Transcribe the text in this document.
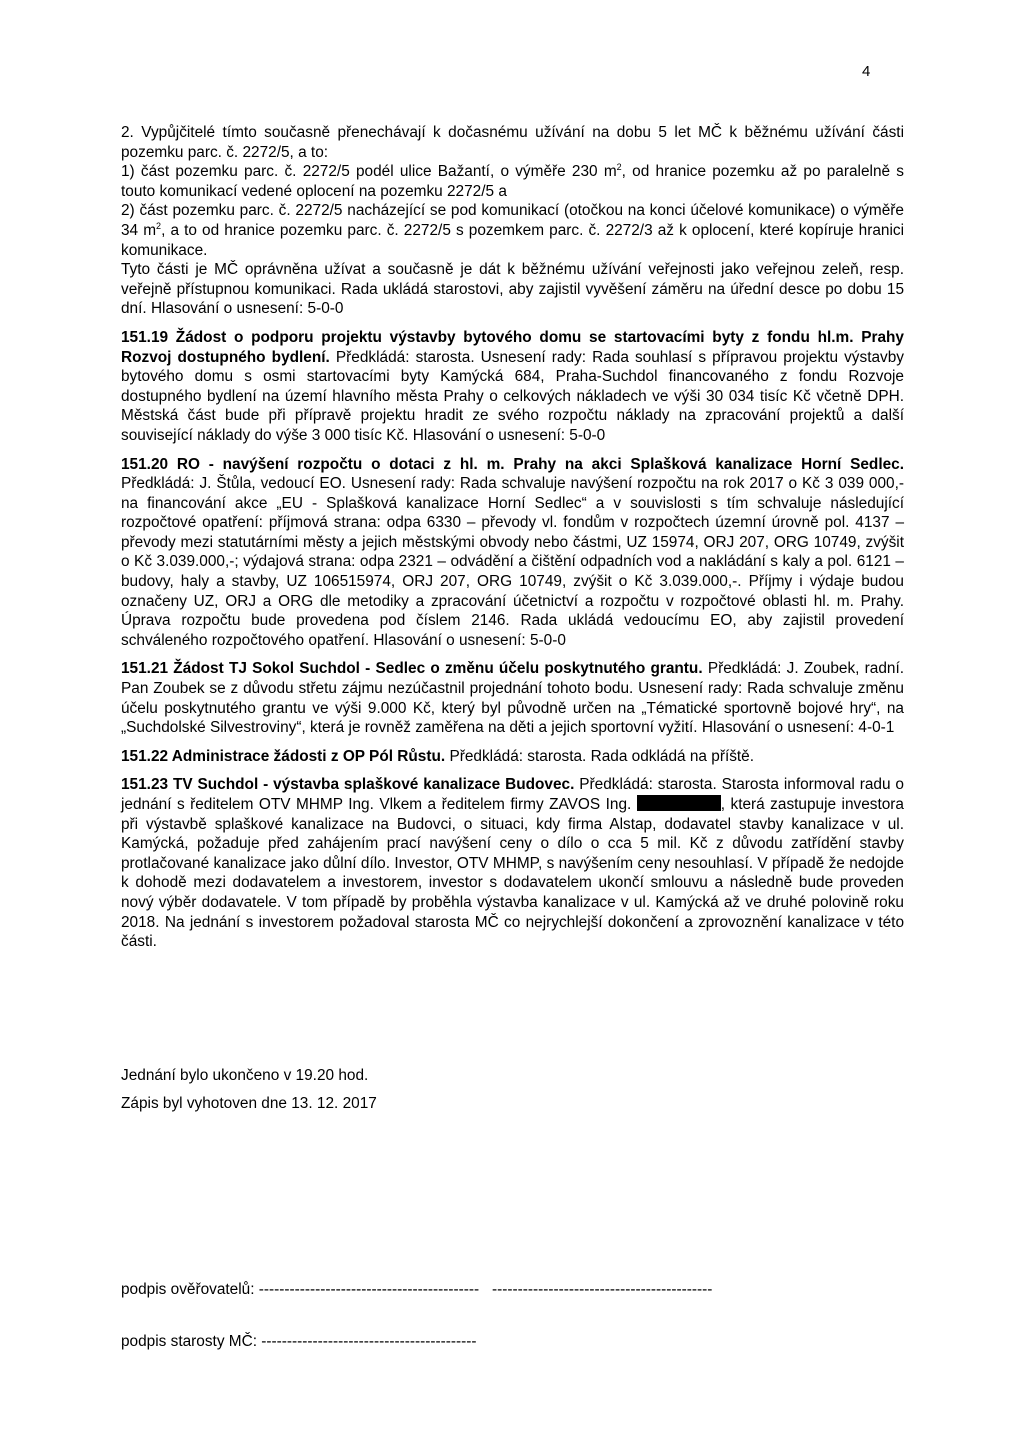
4

2. Vypůjčitelé tímto současně přenechávají k dočasnému užívání na dobu 5 let MČ k běžnému užívání části pozemku parc. č. 2272/5, a to:

1) část pozemku parc. č. 2272/5 podél ulice Bažantí, o výměře 230 $m^2$, od hranice pozemku až po paralelně s touto komunikací vedené oplocení na pozemku 2272/5 a

2) část pozemku parc. č. 2272/5 nacházející se pod komunikací (otočkou na konci účelové komunikace) o výměře 34 $m^2$, a to od hranice pozemku parc. č. 2272/5 s pozemkem parc. č. 2272/3 až k oplocení, které kopíruje hranici komunikace.

Tyto části je MČ oprávněna užívat a současně je dát k běžnému užívání veřejnosti jako veřejnou zeleň, resp. veřejně přístupnou komunikaci. Rada ukládá starostovi, aby zajistil vyvěšení záměru na úřední desce po dobu 15 dní. Hlasování o usnesení: 5-0-0

151.19 Žádost o podporu projektu výstavby bytového domu se startovacími byty z fondu hl.m. Prahy Rozvoj dostupného bydlení. Předkládá: starosta. Usnesení rady: Rada souhlasí s přípravou projektu výstavby bytového domu s osmi startovacími byty Kamýcká 684, Praha-Suchdol financovaného z fondu Rozvoje dostupného bydlení na území hlavního města Prahy o celkových nákladech ve výši 30 034 tisíc Kč včetně DPH. Městská část bude při přípravě projektu hradit ze svého rozpočtu náklady na zpracování projektů a další související náklady do výše 3 000 tisíc Kč. Hlasování o usnesení: 5-0-0

151.20 RO - navýšení rozpočtu o dotaci z hl. m. Prahy na akci Splašková kanalizace Horní Sedlec. Předkládá: J. Štůla, vedoucí EO. Usnesení rady: Rada schvaluje navýšení rozpočtu na rok 2017 o Kč 3 039 000,- na financování akce „EU - Splašková kanalizace Horní Sedlec“ a v souvislosti s tím schvaluje následující rozpočtové opatření: příjmová strana: odpa 6330 – převody vl. fondům v rozpočtech územní úrovně pol. 4137 – převody mezi statutárními městy a jejich městskými obvody nebo částmi, UZ 15974, ORJ 207, ORG 10749, zvýšit o Kč 3.039.000,-; výdajová strana: odpa 2321 – odvádění a čištění odpadních vod a nakládání s kaly a pol. 6121 – budovy, haly a stavby, UZ 106515974, ORJ 207, ORG 10749, zvýšit o Kč 3.039.000,-. Příjmy i výdaje budou označeny UZ, ORJ a ORG dle metodiky a zpracování účetnictví a rozpočtu v rozpočtové oblasti hl. m. Prahy. Úprava rozpočtu bude provedena pod číslem 2146. Rada ukládá vedoucímu EO, aby zajistil provedení schváleného rozpočtového opatření. Hlasování o usnesení: 5-0-0

151.21 Žádost TJ Sokol Suchdol - Sedlec o změnu účelu poskytnutého grantu. Předkládá: J. Zoubek, radní. Pan Zoubek se z důvodu střetu zájmu nezúčastnil projednání tohoto bodu. Usnesení rady: Rada schvaluje změnu účelu poskytnutého grantu ve výši 9.000 Kč, který byl původně určen na „Tématické sportovně bojové hry“, na „Suchdolské Silvestroviny“, která je rovněž zaměřena na děti a jejich sportovní vyžití. Hlasování o usnesení: 4-0-1

151.22 Administrace žádosti z OP Pól Růstu. Předkládá: starosta. Rada odkládá na příště.

151.23 TV Suchdol - výstavba splaškové kanalizace Budovec. Předkládá: starosta. Starosta informoval radu o jednání s ředitelem OTV MHMP Ing. Vlkem a ředitelem firmy ZAVOS Ing.	, která zastupuje investora při výstavbě splaškové kanalizace na Budovci, o situaci, kdy firma Alstap, dodavatel stavby kanalizace v ul. Kamýcká, požaduje před zahájením prací navýšení ceny o dílo o cca 5 mil. Kč z důvodu zatřídění stavby protlačované kanalizace jako důlní dílo. Investor, OTV MHMP, s navýšením ceny nesouhlasí. V případě že nedojde k dohodě mezi dodavatelem a investorem, investor s dodavatelem ukončí smlouvu a následně bude proveden nový výběr dodavatele. V tom případě by proběhla výstavba kanalizace v ul. Kamýcká až ve druhé polovině roku 2018. Na jednání s investorem požadoval starosta MČ co nejrychlejší dokončení a zprovoznění kanalizace v této části.

Jednání bylo ukončeno v 19.20 hod.
Zápis byl vyhotoven dne 13. 12. 2017
podpis ověřovatelů: ------------------------------------------- -------------------------------------------
podpis starosty MČ: ------------------------------------------
